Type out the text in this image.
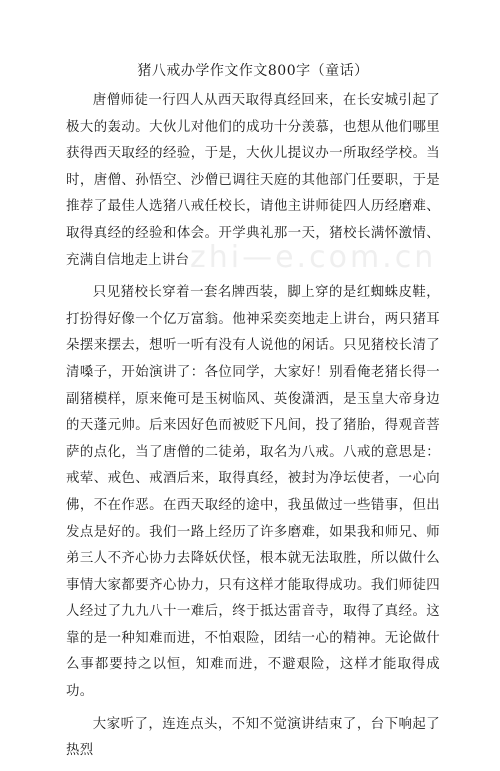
猪八戒办学作文作文800字（童话）

唐僧师徒一行四人从西天取得真经回来，在长安城引起了极大的轰动。大伙儿对他们的成功十分羡慕，也想从他们哪里获得西天取经的经验，于是，大伙儿提议办一所取经学校。当时，唐僧、孙悟空、沙僧已调往天庭的其他部门任要职，于是推荐了最佳人选猪八戒任校长，请他主讲师徒四人历经磨难、取得真经的经验和体会。开学典礼那一天，猪校长满怀激情、充满自信地走上讲台

只见猪校长穿着一套名牌西装，脚上穿的是红蜘蛛皮鞋，打扮得好像一个亿万富翁。他神采奕奕地走上讲台，两只猪耳朵摆来摆去，想听一听有没有人说他的闲话。只见猪校长清了清嗓子，开始演讲了：各位同学，大家好！别看俺老猪长得一副猪模样，原来俺可是玉树临风、英俊潇洒，是玉皇大帝身边的天蓬元帅。后来因好色而被贬下凡间，投了猪胎，得观音菩萨的点化，当了唐僧的二徒弟，取名为八戒。八戒的意思是：戒荤、戒色、戒酒后来，取得真经，被封为净坛使者，一心向佛，不在作恶。在西天取经的途中，我虽做过一些错事，但出发点是好的。我们一路上经历了许多磨难，如果我和师兄、师弟三人不齐心协力去降妖伏怪，根本就无法取胜，所以做什么事情大家都要齐心协力，只有这样才能取得成功。我们师徒四人经过了九九八十一难后，终于抵达雷音寺，取得了真经。这靠的是一种知难而进，不怕艰险，团结一心的精神。无论做什么事都要持之以恒，知难而进，不避艰险，这样才能取得成功。

大家听了，连连点头，不知不觉演讲结束了，台下响起了热烈

zhi—e.com.cn
